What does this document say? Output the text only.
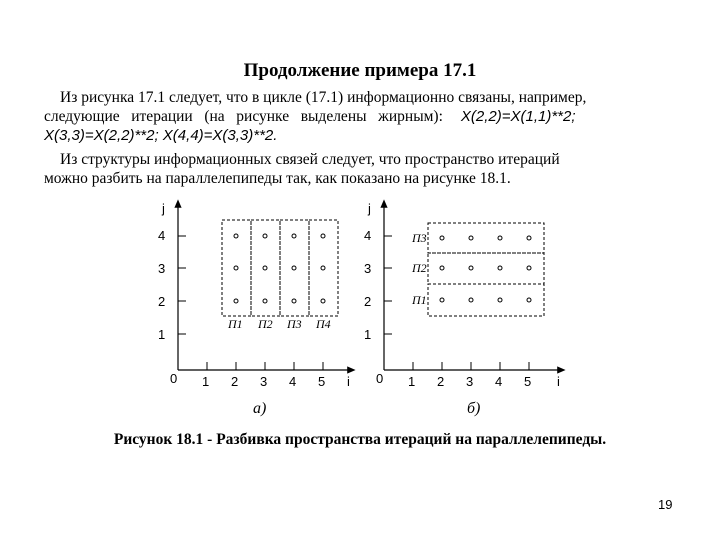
Продолжение примера 17.1
Из рисунка 17.1 следует, что в цикле (17.1) информационно связаны, например,
следующие   итерации   (на   рисунке   выделены   жирным): X(2,2)=X(1,1)**2;
X(3,3)=X(2,2)**2; X(4,4)=X(3,3)**2.
Из структуры информационных связей следует, что пространство итераций
можно разбить на параллелепипеды так, как показано на рисунке 18.1.
j
i
0 1 2 3 4 5
1
2
3
4
П1 П2 П3 П4
а)
j
i
0 1 2 3 4 5
1
2
3
4	П3
П2
П1
б)
Рисунок 18.1 - Разбивка пространства итераций на параллелепипеды.
19
